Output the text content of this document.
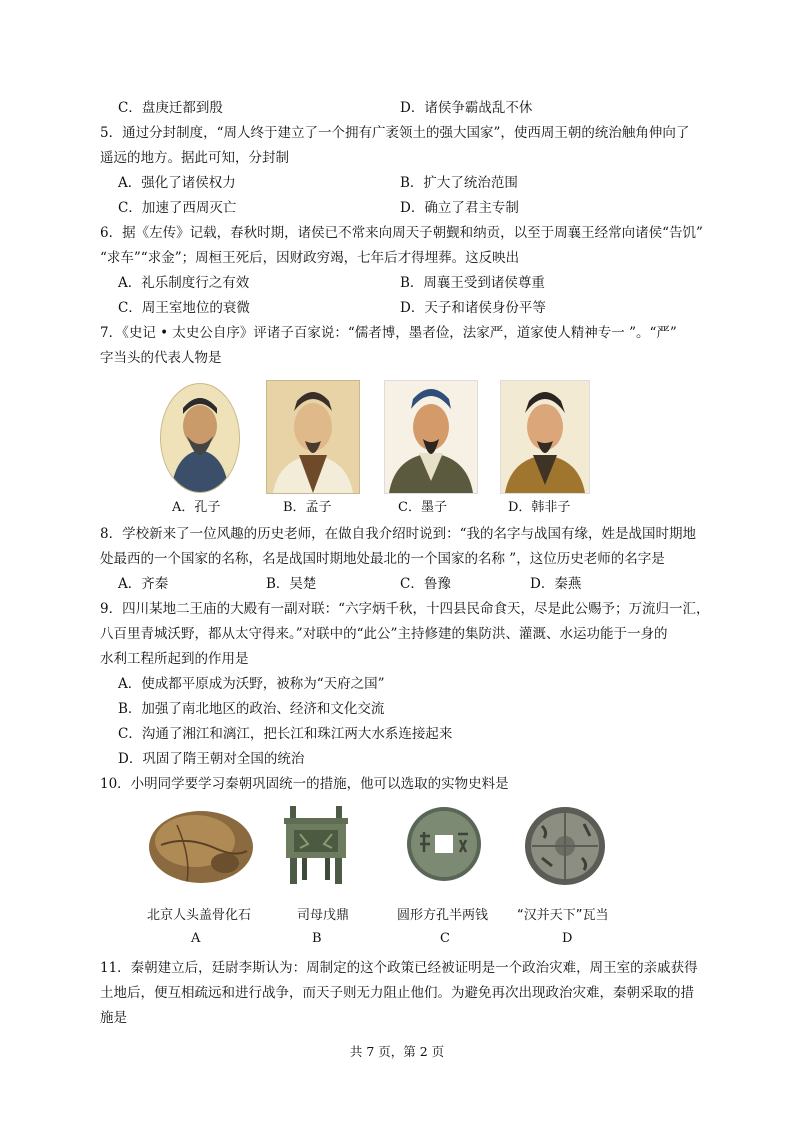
C．盘庚迁都到殷	D．诸侯争霸战乱不休
5．通过分封制度，“周人终于建立了一个拥有广袤领土的强大国家”，使西周王朝的统治触角伸向了
遥远的地方。据此可知，分封制
A．强化了诸侯权力	B．扩大了统治范围
C．加速了西周灭亡	D．确立了君主专制
6．据《左传》记载，春秋时期，诸侯已不常来向周天子朝觐和纳贡，以至于周襄王经常向诸侯“告饥”
“求车”“求金”；周桓王死后，因财政穷竭，七年后才得埋葬。这反映出
A．礼乐制度行之有效	B．周襄王受到诸侯尊重
C．周王室地位的衰微	D．天子和诸侯身份平等
7．《史记 • 太史公自序》评诸子百家说：“儒者博，墨者俭，法家严，道家使人精神专一 ”。“严”
字当头的代表人物是
A．孔子	B．孟子	C．墨子	D．韩非子
8．学校新来了一位风趣的历史老师，在做自我介绍时说到：“我的名字与战国有缘，姓是战国时期地
处最西的一个国家的名称，名是战国时期地处最北的一个国家的名称 ”，这位历史老师的名字是
A．齐秦	B．吴楚	C．鲁豫	D．秦燕
9．四川某地二王庙的大殿有一副对联：“六字炳千秋，十四县民命食天，尽是此公赐予；万流归一汇，
八百里青城沃野，都从太守得来。”对联中的“此公”主持修建的集防洪、灌溉、水运功能于一身的
水利工程所起到的作用是
A．使成都平原成为沃野，被称为“天府之国”
B．加强了南北地区的政治、经济和文化交流
C．沟通了湘江和漓江，把长江和珠江两大水系连接起来
D．巩固了隋王朝对全国的统治
10．小明同学要学习秦朝巩固统一的措施，他可以选取的实物史料是
北京人头盖骨化石	司母戊鼎	圆形方孔半两钱 “汉并天下”瓦当
A	B	C	D
11．秦朝建立后，廷尉李斯认为：周制定的这个政策已经被证明是一个政治灾难，周王室的亲戚获得
土地后，便互相疏远和进行战争，而天子则无力阻止他们。为避免再次出现政治灾难，秦朝采取的措
施是
共 7 页，第 2 页
